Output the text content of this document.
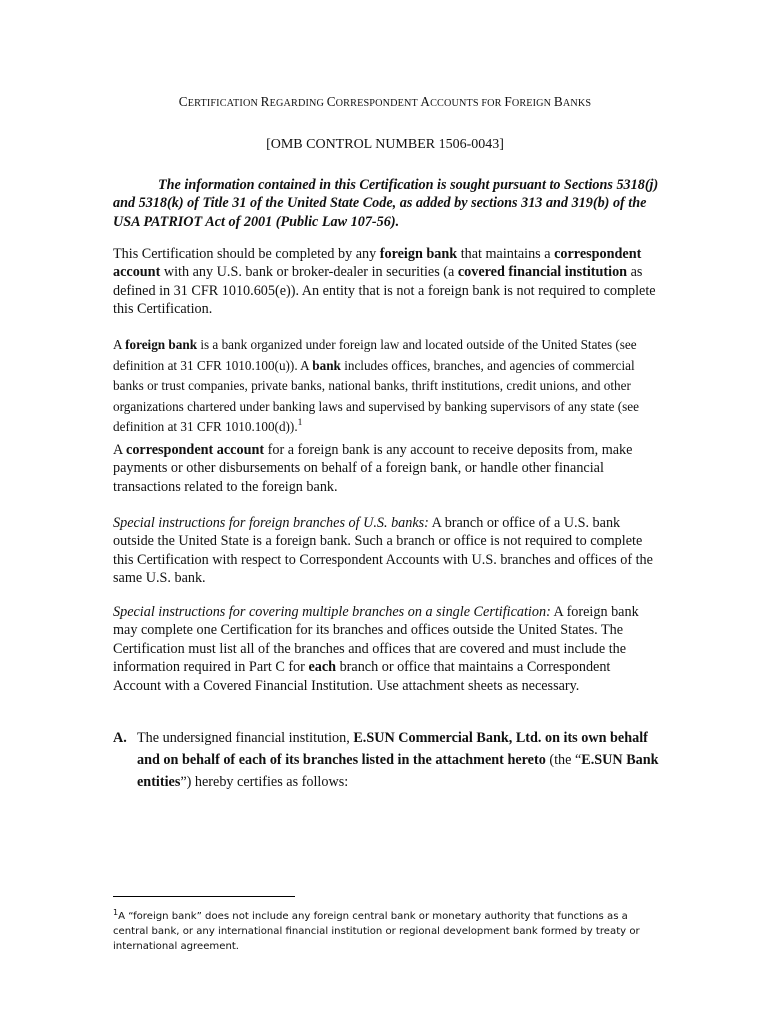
CERTIFICATION REGARDING CORRESPONDENT ACCOUNTS FOR FOREIGN BANKS
[OMB CONTROL NUMBER 1506-0043]

The information contained in this Certification is sought pursuant to Sections 5318(j) and 5318(k) of Title 31 of the United State Code, as added by sections 313 and 319(b) of the USA PATRIOT Act of 2001 (Public Law 107-56).

This Certification should be completed by any foreign bank that maintains a correspondent account with any U.S. bank or broker-dealer in securities (a covered financial institution as defined in 31 CFR 1010.605(e)). An entity that is not a foreign bank is not required to complete this Certification.

A foreign bank is a bank organized under foreign law and located outside of the United States (see definition at 31 CFR 1010.100(u)). A bank includes offices, branches, and agencies of commercial banks or trust companies, private banks, national banks, thrift institutions, credit unions, and other organizations chartered under banking laws and supervised by banking supervisors of any state (see definition at 31 CFR 1010.100(d)).$^1$

A correspondent account for a foreign bank is any account to receive deposits from, make payments or other disbursements on behalf of a foreign bank, or handle other financial transactions related to the foreign bank.

Special instructions for foreign branches of U.S. banks: A branch or office of a U.S. bank outside the United State is a foreign bank. Such a branch or office is not required to complete this Certification with respect to Correspondent Accounts with U.S. branches and offices of the same U.S. bank.

Special instructions for covering multiple branches on a single Certification: A foreign bank may complete one Certification for its branches and offices outside the United States. The Certification must list all of the branches and offices that are covered and must include the information required in Part C for each branch or office that maintains a Correspondent Account with a Covered Financial Institution. Use attachment sheets as necessary.

A. The undersigned financial institution, E.SUN Commercial Bank, Ltd. on its own behalf and on behalf of each of its branches listed in the attachment hereto (the “E.SUN Bank entities”) hereby certifies as follows:
$^1$A “foreign bank” does not include any foreign central bank or monetary authority that functions as a central bank, or any international financial institution or regional development bank formed by treaty or international agreement.
